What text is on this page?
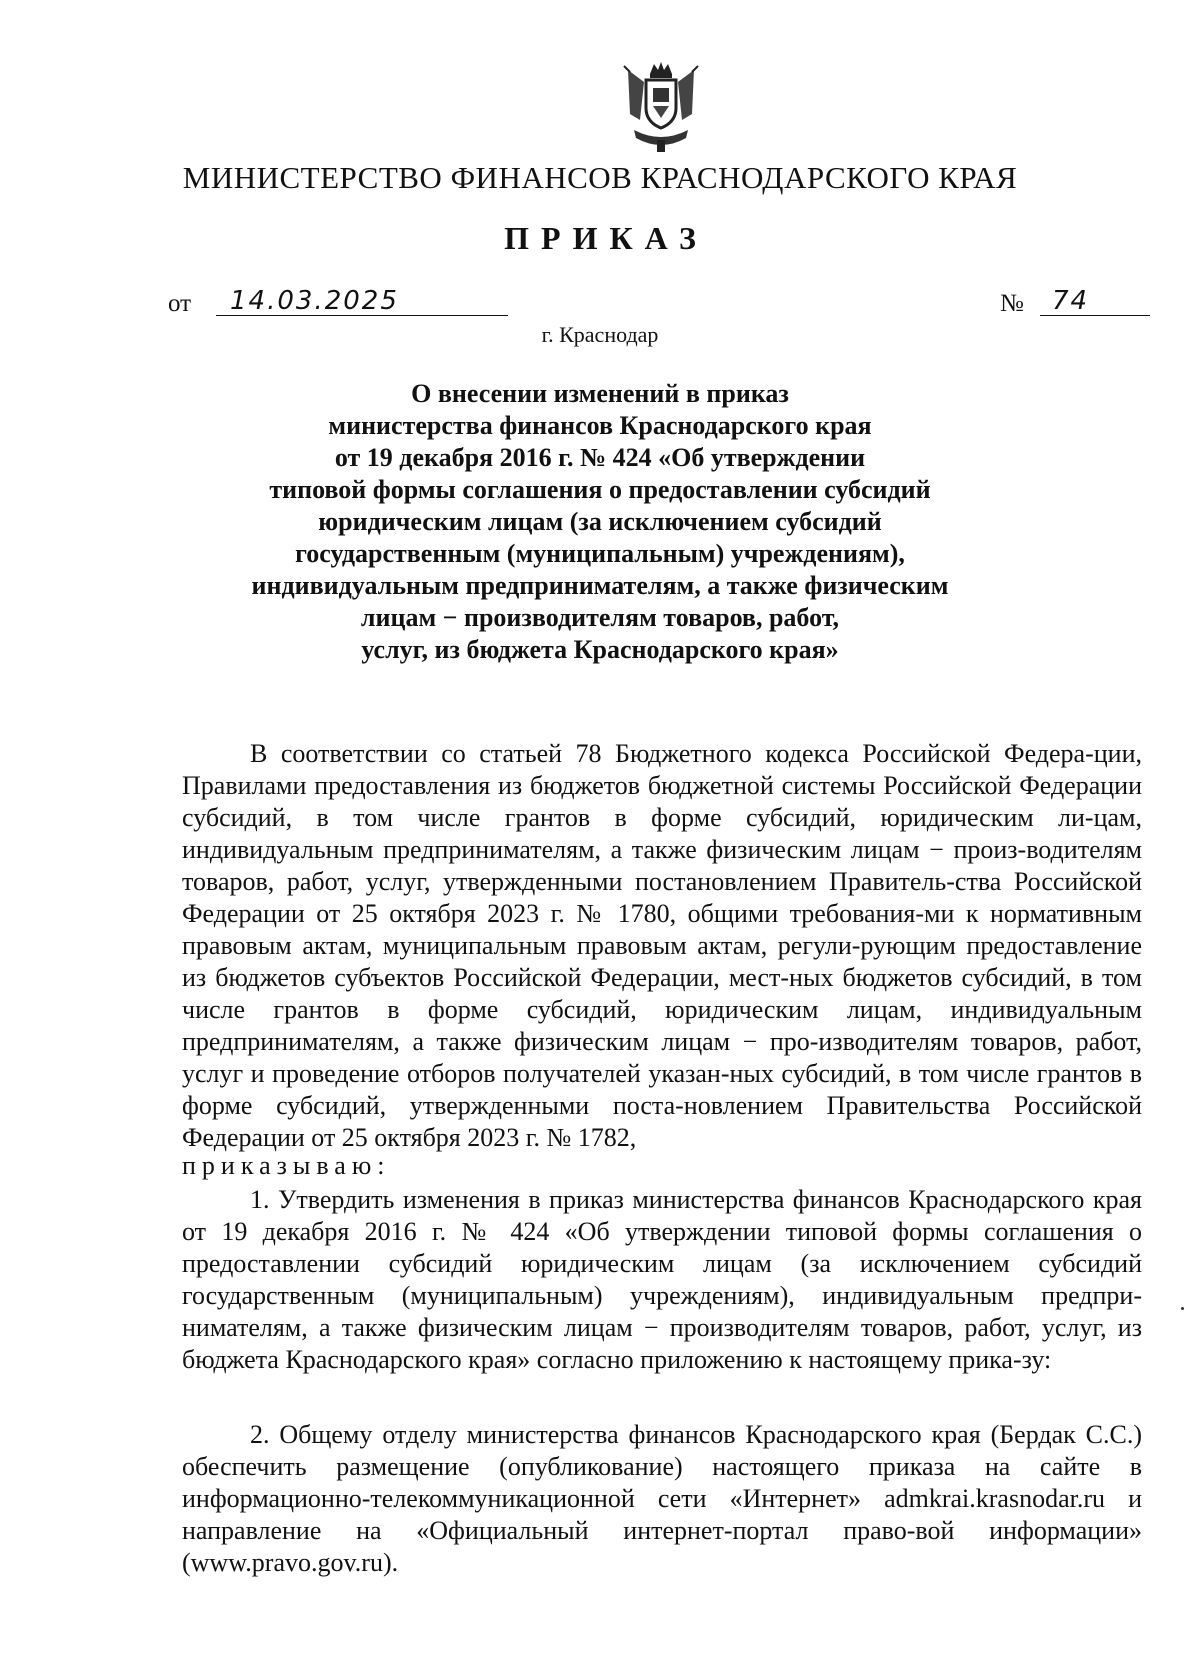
МИНИСТЕРСТВО ФИНАНСОВ КРАСНОДАРСКОГО КРАЯ
ПРИКАЗ
от	14.03.2025	№	74
г. Краснодар
О внесении изменений в приказ
министерства финансов Краснодарского края
от 19 декабря 2016 г. № 424 «Об утверждении
типовой формы соглашения о предоставлении субсидий
юридическим лицам (за исключением субсидий
государственным (муниципальным) учреждениям),
индивидуальным предпринимателям, а также физическим
лицам − производителям товаров, работ,
услуг, из бюджета Краснодарского края»
В соответствии со статьей 78 Бюджетного кодекса Российской Федера-ции, Правилами предоставления из бюджетов бюджетной системы Российской Федерации субсидий, в том числе грантов в форме субсидий, юридическим ли-цам, индивидуальным предпринимателям, а также физическим лицам − произ-водителям товаров, работ, услуг, утвержденными постановлением Правитель-ства Российской Федерации от 25 октября 2023 г. № 1780, общими требования-ми к нормативным правовым актам, муниципальным правовым актам, регули-рующим предоставление из бюджетов субъектов Российской Федерации, мест-ных бюджетов субсидий, в том числе грантов в форме субсидий, юридическим лицам, индивидуальным предпринимателям, а также физическим лицам − про-изводителям товаров, работ, услуг и проведение отборов получателей указан-ных субсидий, в том числе грантов в форме субсидий, утвержденными поста-новлением Правительства Российской Федерации от 25 октября 2023 г. № 1782,
приказываю:
1. Утвердить изменения в приказ министерства финансов Краснодарского края от 19 декабря 2016 г. № 424 «Об утверждении типовой формы соглашения о предоставлении субсидий юридическим лицам (за исключением субсидий государственным (муниципальным) учреждениям), индивидуальным предпри-нимателям, а также физическим лицам − производителям товаров, работ, услуг, из бюджета Краснодарского края» согласно приложению к настоящему прика-зу:
2. Общему отделу министерства финансов Краснодарского края (Бердак С.С.) обеспечить размещение (опубликование) настоящего приказа на сайте в информационно-телекоммуникационной сети «Интернет» admkrai.krasnodar.ru и направление на «Официальный интернет-портал право-вой информации» (www.pravo.gov.ru).
